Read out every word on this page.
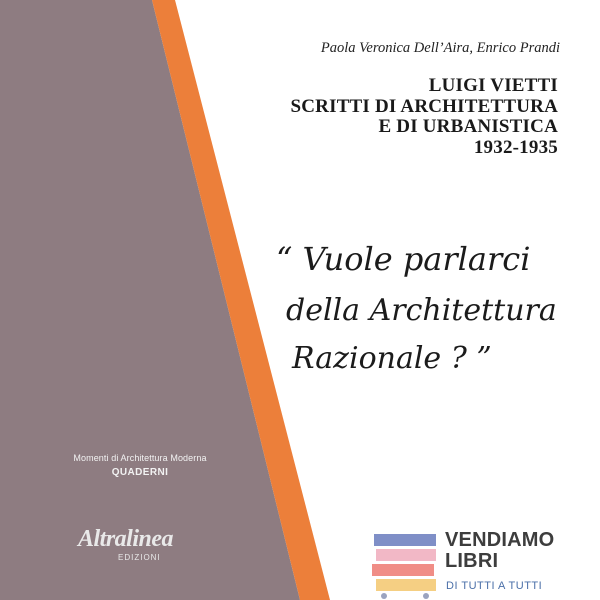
Paola Veronica Dell’Aira, Enrico Prandi
LUIGI VIETTI
SCRITTI DI ARCHITETTURA
E DI URBANISTICA
1932-1935
“ Vuole parlarci
della Architettura
Razionale ? ”
Momenti di Architettura Moderna
QUADERNI
Altralinea
EDIZIONI
VENDIAMO
LIBRI
DI TUTTI A TUTTI
